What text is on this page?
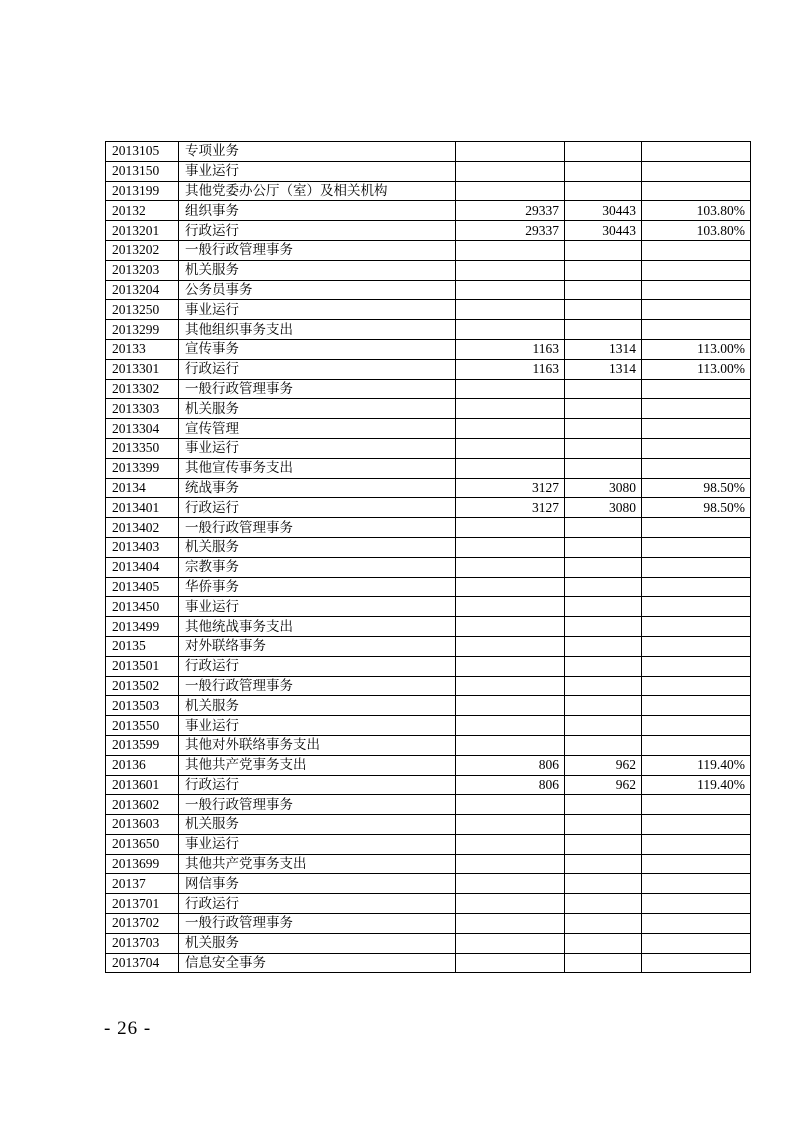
2013105	专项业务			
2013150	事业运行			
2013199	其他党委办公厅（室）及相关机构			
20132	组织事务	29337	30443	103.80%
2013201	行政运行	29337	30443	103.80%
2013202	一般行政管理事务			
2013203	机关服务			
2013204	公务员事务			
2013250	事业运行			
2013299	其他组织事务支出			
20133	宣传事务	1163	1314	113.00%
2013301	行政运行	1163	1314	113.00%
2013302	一般行政管理事务			
2013303	机关服务			
2013304	宣传管理			
2013350	事业运行			
2013399	其他宣传事务支出			
20134	统战事务	3127	3080	98.50%
2013401	行政运行	3127	3080	98.50%
2013402	一般行政管理事务			
2013403	机关服务			
2013404	宗教事务			
2013405	华侨事务			
2013450	事业运行			
2013499	其他统战事务支出			
20135	对外联络事务			
2013501	行政运行			
2013502	一般行政管理事务			
2013503	机关服务			
2013550	事业运行			
2013599	其他对外联络事务支出			
20136	其他共产党事务支出	806	962	119.40%
2013601	行政运行	806	962	119.40%
2013602	一般行政管理事务			
2013603	机关服务			
2013650	事业运行			
2013699	其他共产党事务支出			
20137	网信事务			
2013701	行政运行			
2013702	一般行政管理事务			
2013703	机关服务			
2013704	信息安全事务			
- 26 -
